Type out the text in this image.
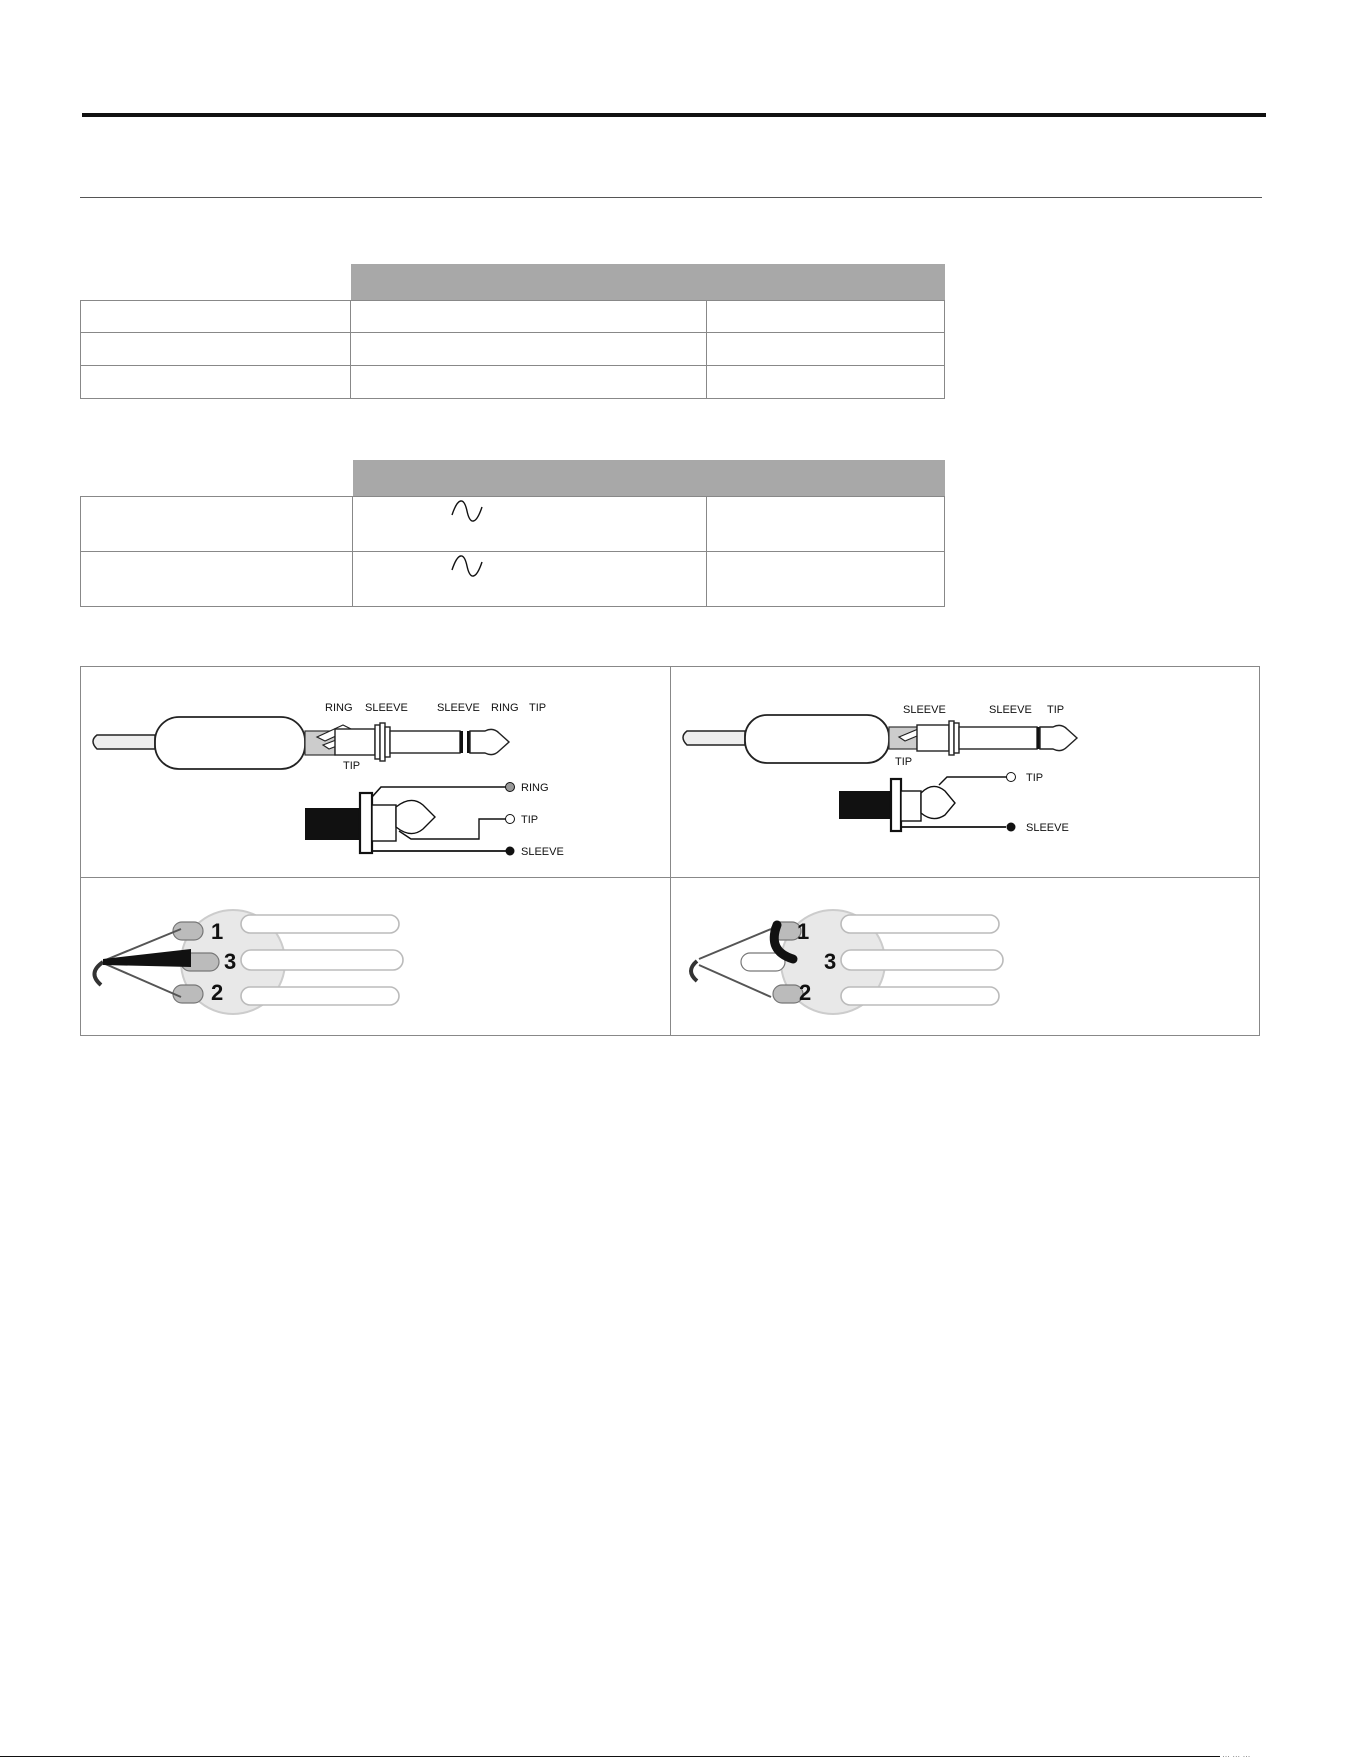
RING SLEEVE	SLEEVE RING TIP
TIP
RING
TIP
SLEEVE
SLEEVE	SLEEVE TIP
TIP
TIP
SLEEVE
1
3
2
1
3
2
… … …
